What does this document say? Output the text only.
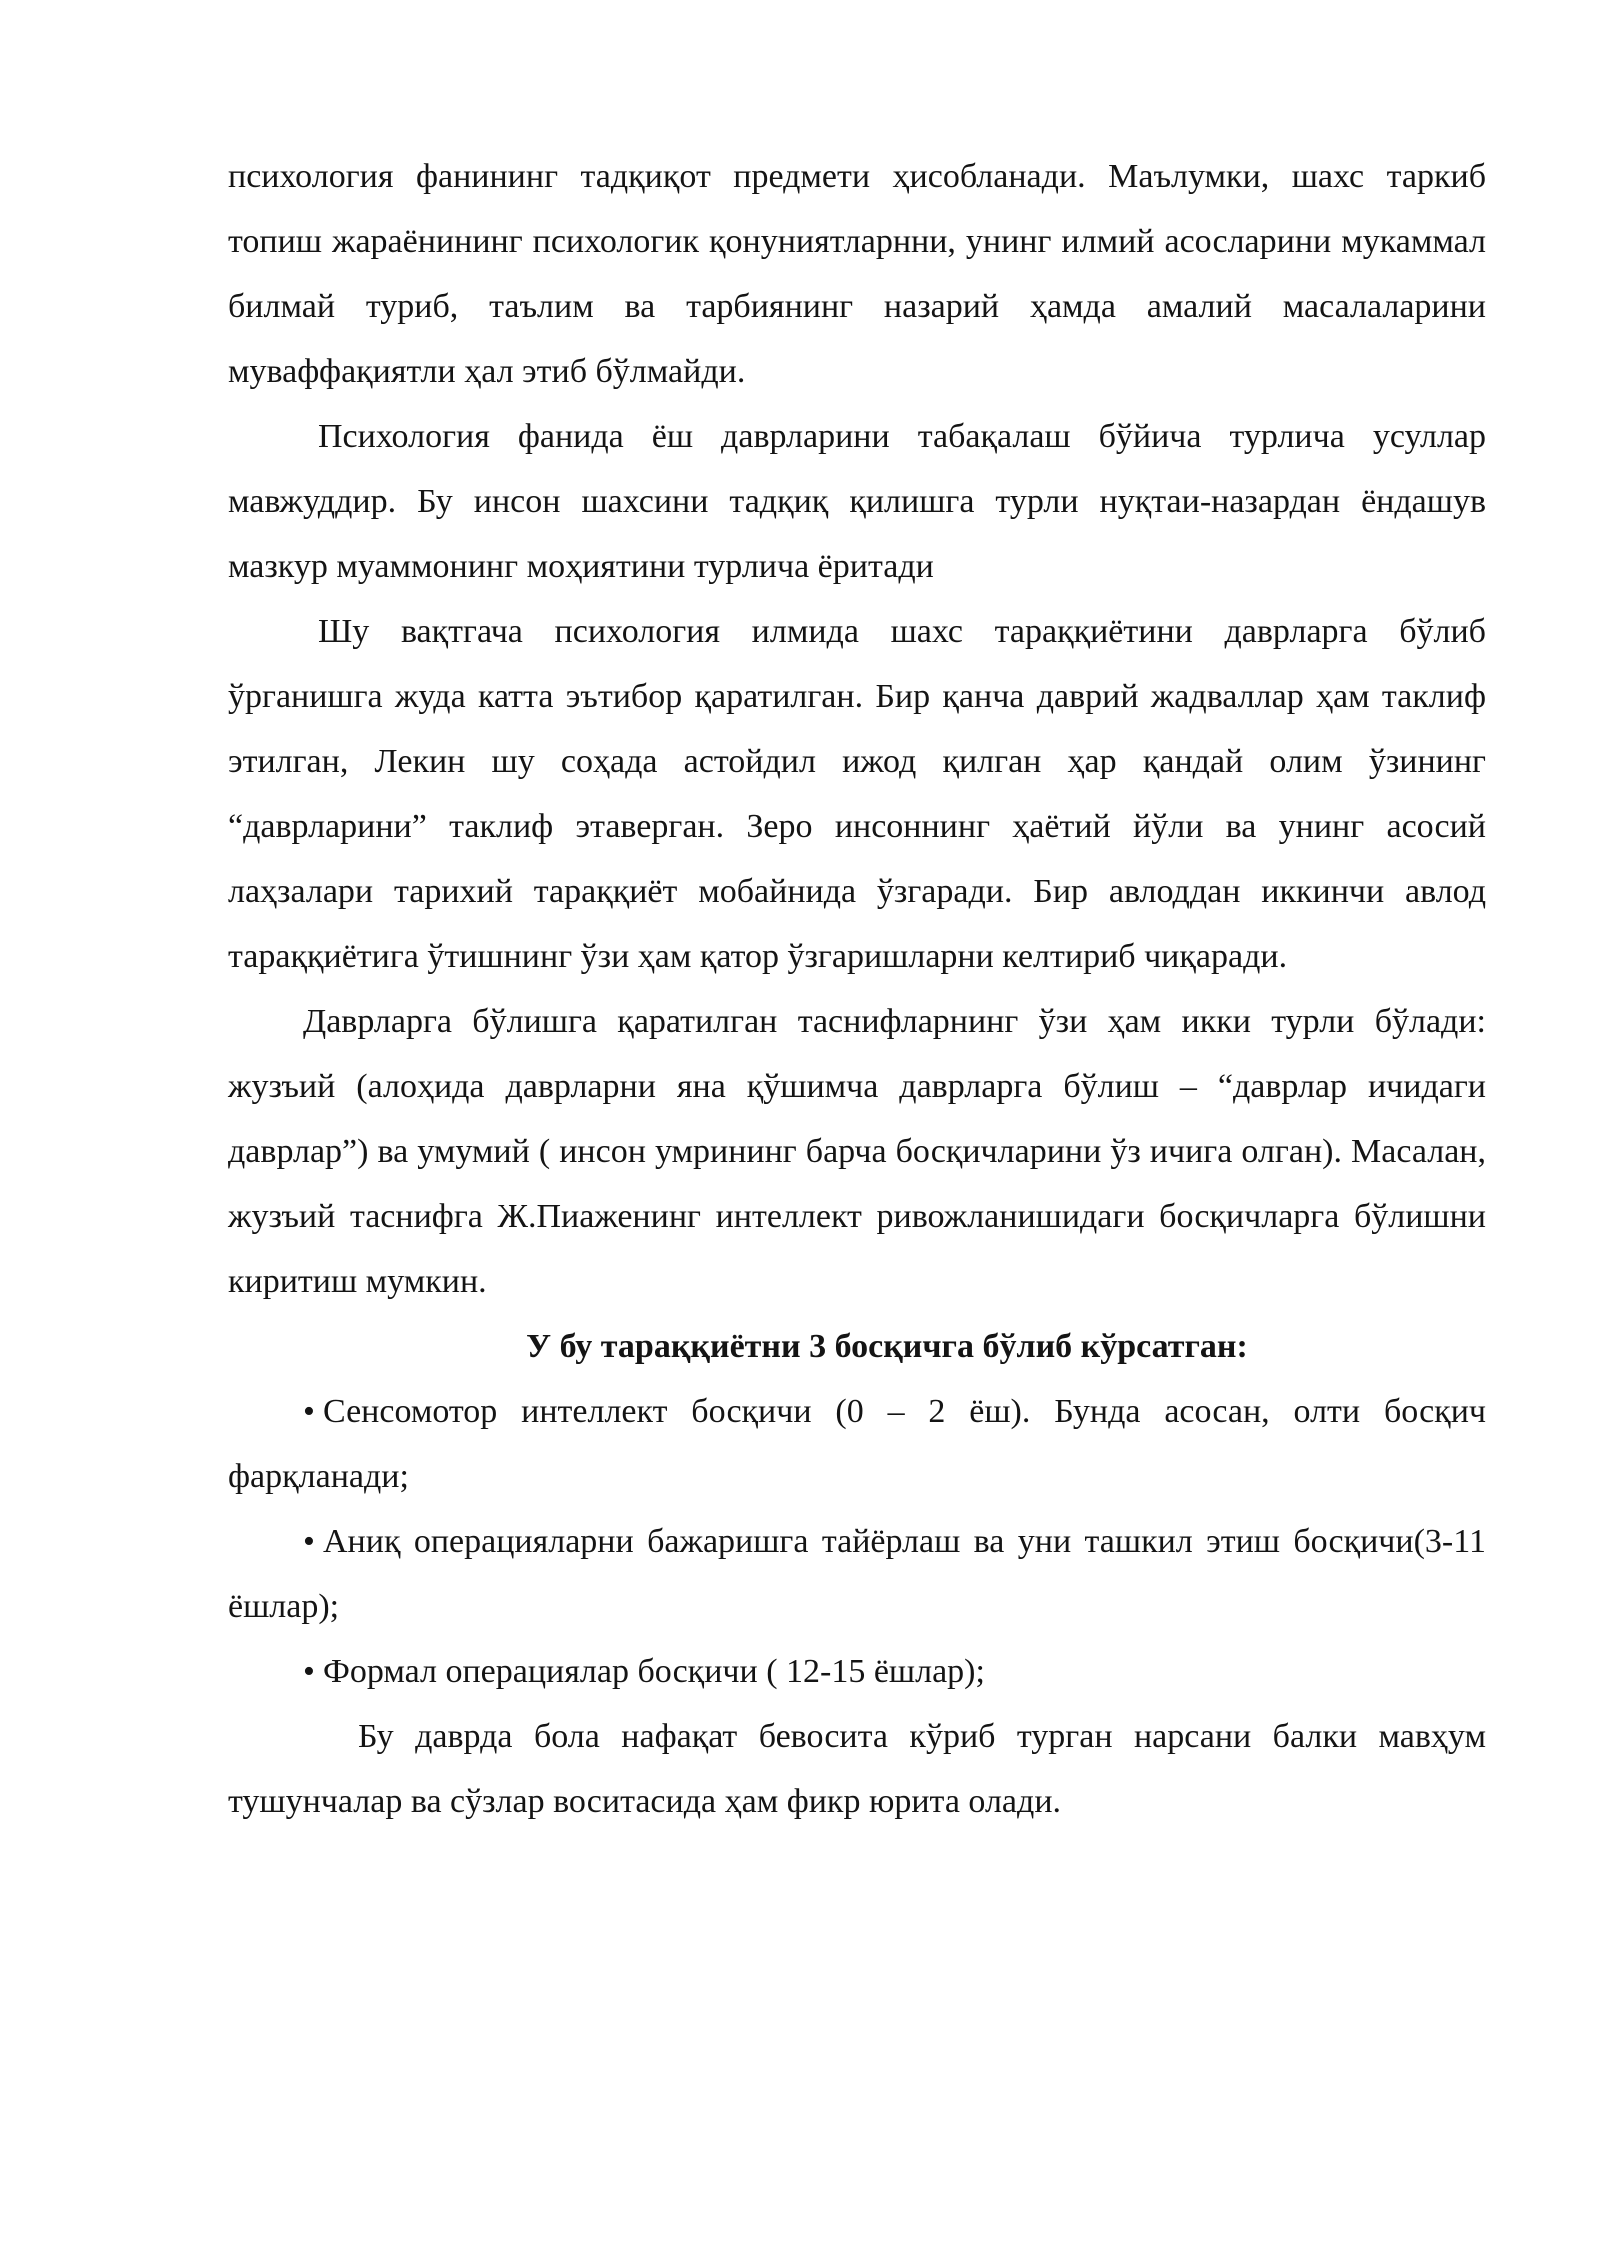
психология фанининг тадқиқот предмети ҳисобланади. Маълумки, шахс таркиб топиш жараёнининг психологик қонуниятларнни, унинг илмий асосларини мукаммал билмай туриб, таълим ва тарбиянинг назарий ҳамда амалий масалаларини муваффақиятли ҳал этиб бўлмайди.

Психология фанида ёш даврларини табақалаш бўйича турлича усуллар мавжуддир. Бу инсон шахсини тадқиқ қилишга турли нуқтаи-назардан ёндашув мазкур муаммонинг моҳиятини турлича ёритади

Шу вақтгача психология илмида шахс тараққиётини даврларга бўлиб ўрганишга жуда катта эътибор қаратилган. Бир қанча даврий жадваллар ҳам таклиф этилган, Лекин шу соҳада астойдил ижод қилган ҳар қандай олим ўзининг “даврларини” таклиф этаверган. Зеро инсоннинг ҳаётий йўли ва унинг асосий лаҳзалари тарихий тараққиёт мобайнида ўзгаради. Бир авлоддан иккинчи авлод тараққиётига ўтишнинг ўзи ҳам қатор ўзгаришларни келтириб чиқаради.

Даврларга бўлишга қаратилган таснифларнинг ўзи ҳам икки турли бўлади: жузъий (алоҳида даврларни яна қўшимча даврларга бўлиш – “даврлар ичидаги даврлар”) ва умумий ( инсон умрининг барча босқичларини ўз ичига олган). Масалан, жузъий таснифга Ж.Пиаженинг интеллект ривожланишидаги босқичларга бўлишни киритиш мумкин.

У бу тараққиётни 3 босқичга бўлиб кўрсатган:

• Сенсомотор интеллект босқичи (0 – 2 ёш). Бунда асосан, олти босқич фарқланади;
• Аниқ операцияларни бажаришга тайёрлаш ва уни ташкил этиш босқичи(3-11 ёшлар);
• Формал операциялар босқичи ( 12-15 ёшлар);

Бу даврда бола нафақат бевосита кўриб турган нарсани балки мавҳум тушунчалар ва сўзлар воситасида ҳам фикр юрита олади.
